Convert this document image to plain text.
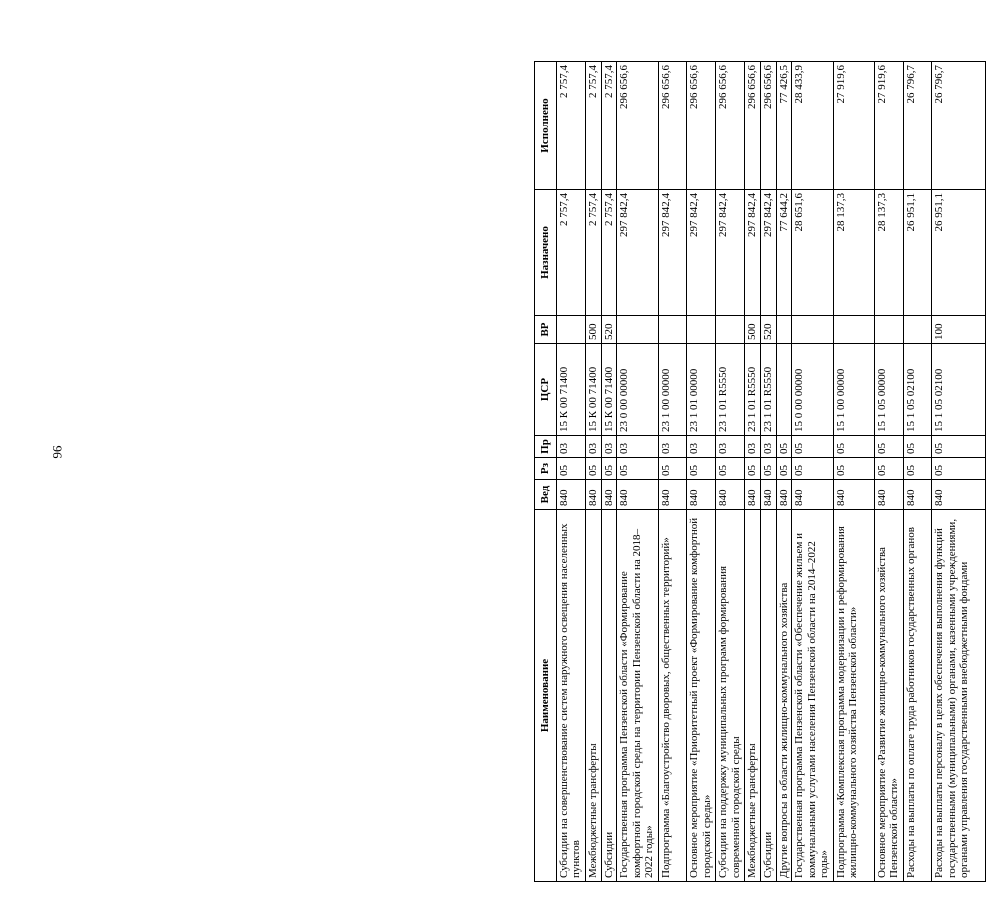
96
Наименование	Вед	Рз	Пр	ЦСР	ВР	Назначено	Исполнено
Субсидии на совершенствование систем наружного освещения населенных пунктов	840	05	03	15 К 00 71400		2 757,4	2 757,4
Межбюджетные трансферты	840	05	03	15 К 00 71400	500	2 757,4	2 757,4
Субсидии	840	05	03	15 К 00 71400	520	2 757,4	2 757,4
Государственная программа Пензенской области «Формирование комфортной городской среды на территории Пензенской области на 2018–2022 годы»	840	05	03	23 0 00 00000		297 842,4	296 656,6
Подпрограмма «Благоустройство дворовых, общественных территорий»	840	05	03	23 1 00 00000		297 842,4	296 656,6
Основное мероприятие «Приоритетный проект «Формирование комфортной городской среды»	840	05	03	23 1 01 00000		297 842,4	296 656,6
Субсидии на поддержку муниципальных программ формирования современной городской среды	840	05	03	23 1 01 R5550		297 842,4	296 656,6
Межбюджетные трансферты	840	05	03	23 1 01 R5550	500	297 842,4	296 656,6
Субсидии	840	05	03	23 1 01 R5550	520	297 842,4	296 656,6
Другие вопросы в области жилищно-коммунального хозяйства	840	05	05			77 644,2	77 426,5
Государственная программа Пензенской области «Обеспечение жильем и коммунальными услугами населения Пензенской области на 2014–2022 годы»	840	05	05	15 0 00 00000		28 651,6	28 433,9
Подпрограмма «Комплексная программа модернизации и реформирования жилищно-коммунального хозяйства Пензенской области»	840	05	05	15 1 00 00000		28 137,3	27 919,6
Основное мероприятие «Развитие жилищно-коммунального хозяйства Пензенской области»	840	05	05	15 1 05 00000		28 137,3	27 919,6
Расходы на выплаты по оплате труда работников государственных органов	840	05	05	15 1 05 02100		26 951,1	26 796,7
Расходы на выплаты персоналу в целях обеспечения выполнения функций государственными (муниципальными) органами, казенными учреждениями, органами управления государственными внебюджетными фондами	840	05	05	15 1 05 02100	100	26 951,1	26 796,7
